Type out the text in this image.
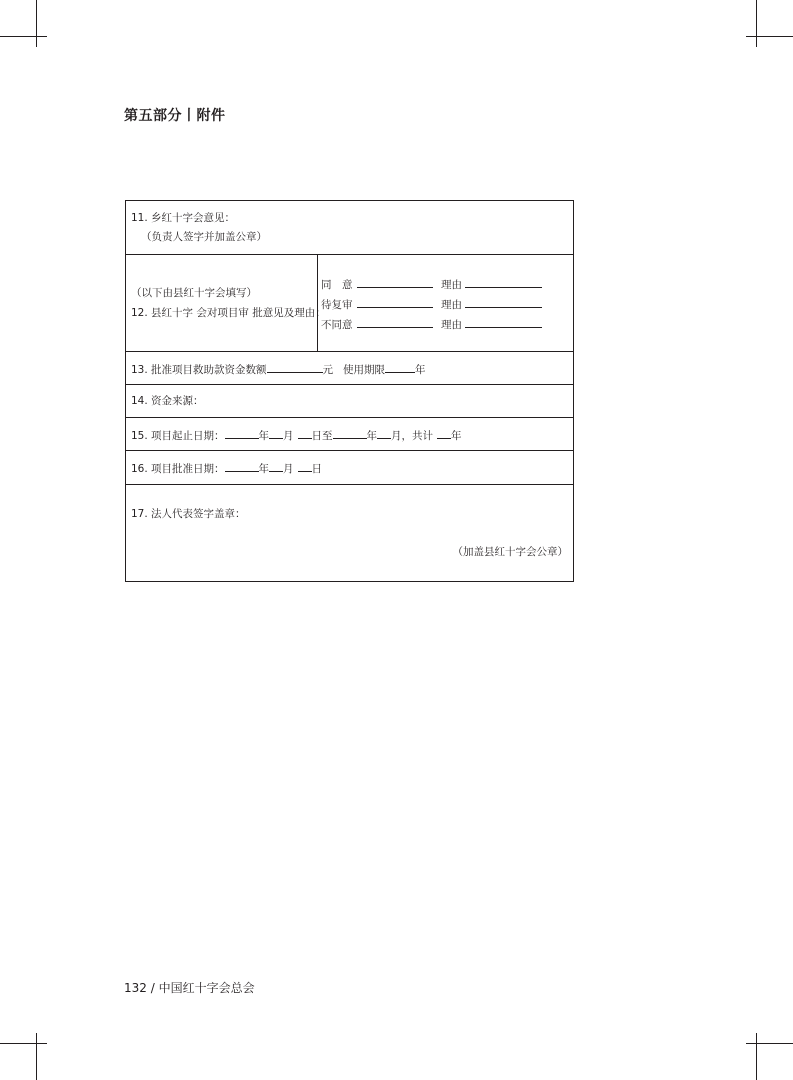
第五部分丨附件
11. 乡红十字会意见：
（负责人签字并加盖公章）
（以下由县红十字会填写）
12. 县红十字 会对项目审 批意见及理由：
同　意	理由
待复审	理由
不同意	理由
13. 批准项目救助款资金数额	元 使用期限	年
14. 资金来源：
15. 项目起止日期：	年 月 日至	年 月，共计 年
16. 项目批准日期：	年 月 日
17. 法人代表签字盖章：
（加盖县红十字会公章）
132 / 中国红十字会总会
